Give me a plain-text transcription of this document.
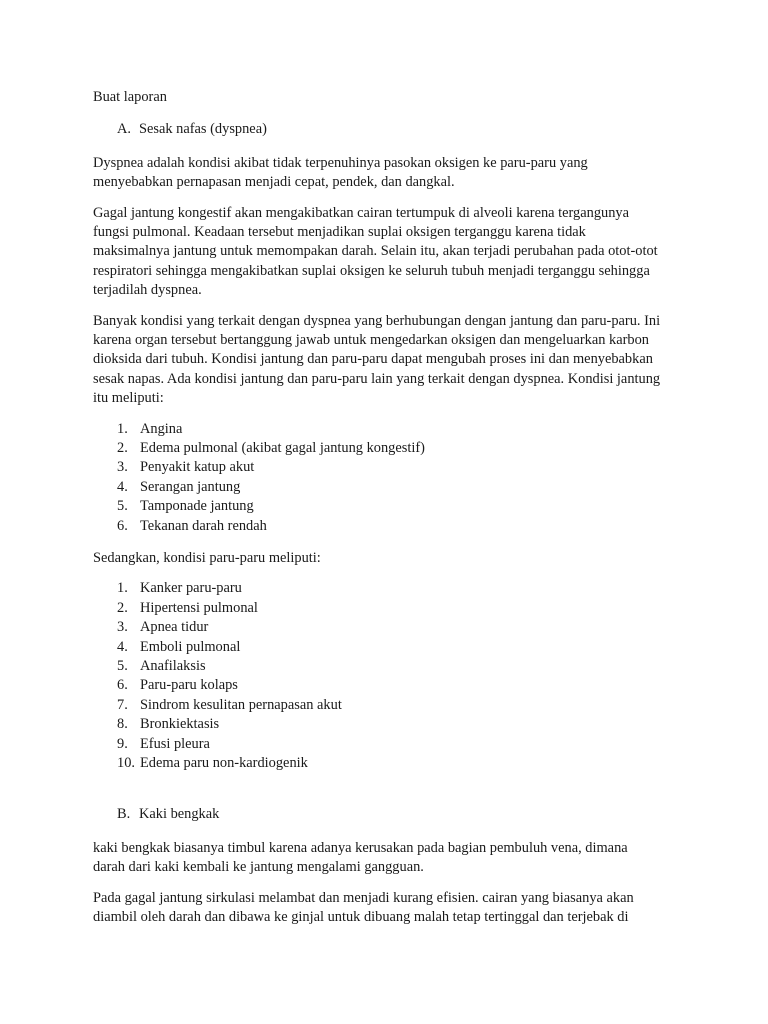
Buat laporan

A. Sesak nafas (dyspnea)

Dyspnea adalah kondisi akibat tidak terpenuhinya pasokan oksigen ke paru-paru yang menyebabkan pernapasan menjadi cepat, pendek, dan dangkal.

Gagal jantung kongestif akan mengakibatkan cairan tertumpuk di alveoli karena tergangunya fungsi pulmonal. Keadaan tersebut menjadikan suplai oksigen terganggu karena tidak maksimalnya jantung untuk memompakan darah. Selain itu, akan terjadi perubahan pada otot-otot respiratori sehingga mengakibatkan suplai oksigen ke seluruh tubuh menjadi terganggu sehingga terjadilah dyspnea.

Banyak kondisi yang terkait dengan dyspnea yang berhubungan dengan jantung dan paru-paru. Ini karena organ tersebut bertanggung jawab untuk mengedarkan oksigen dan mengeluarkan karbon dioksida dari tubuh. Kondisi jantung dan paru-paru dapat mengubah proses ini dan menyebabkan sesak napas. Ada kondisi jantung dan paru-paru lain yang terkait dengan dyspnea. Kondisi jantung itu meliputi:

1. Angina
2. Edema pulmonal (akibat gagal jantung kongestif)
3. Penyakit katup akut
4. Serangan jantung
5. Tamponade jantung
6. Tekanan darah rendah

Sedangkan, kondisi paru-paru meliputi:

1. Kanker paru-paru
2. Hipertensi pulmonal
3. Apnea tidur
4. Emboli pulmonal
5. Anafilaksis
6. Paru-paru kolaps
7. Sindrom kesulitan pernapasan akut
8. Bronkiektasis
9. Efusi pleura
10. Edema paru non-kardiogenik
B. Kaki bengkak

kaki bengkak biasanya timbul karena adanya kerusakan pada bagian pembuluh vena, dimana darah dari kaki kembali ke jantung mengalami gangguan.

Pada gagal jantung sirkulasi melambat dan menjadi kurang efisien. cairan yang biasanya akan diambil oleh darah dan dibawa ke ginjal untuk dibuang malah tetap tertinggal dan terjebak di
